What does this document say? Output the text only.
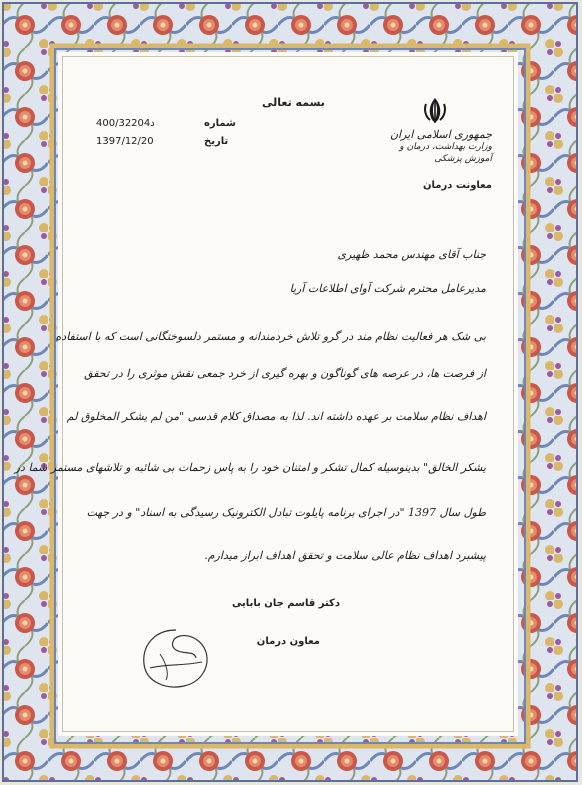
بسمه تعالی
400/32204د	شماره
1397/12/20	تاریخ
جمهوری اسلامی ایران
وزارت بهداشت، درمان و آموزش پزشکی
معاونت درمان
جناب آقای مهندس محمد ظهیری
مدیرعامل محترم شرکت آوای اطلاعات آریا
بی شک هر فعالیت نظام مند در گرو تلاش خردمندانه و مستمر دلسوختگانی است که با استفاده
از فرصت ها، در عرصه های گوناگون و بهره گیری از خرد جمعی نقش موثری را در تحقق
اهداف نظام سلامت بر عهده داشته اند. لذا به مصداق کلام قدسی "من لم یشکر المخلوق لم
یشکر الخالق" بدینوسیله کمال تشکر و امتنان خود را به پاس زحمات بی شائبه و تلاشهای مستمر شما در
طول سال 1397 "در اجرای برنامه پایلوت تبادل الکترونیک رسیدگی به اسناد" و در جهت
پیشبرد اهداف نظام عالی سلامت و تحقق اهداف ابراز میدارم.
دکتر قاسم جان بابایی
معاون درمان
